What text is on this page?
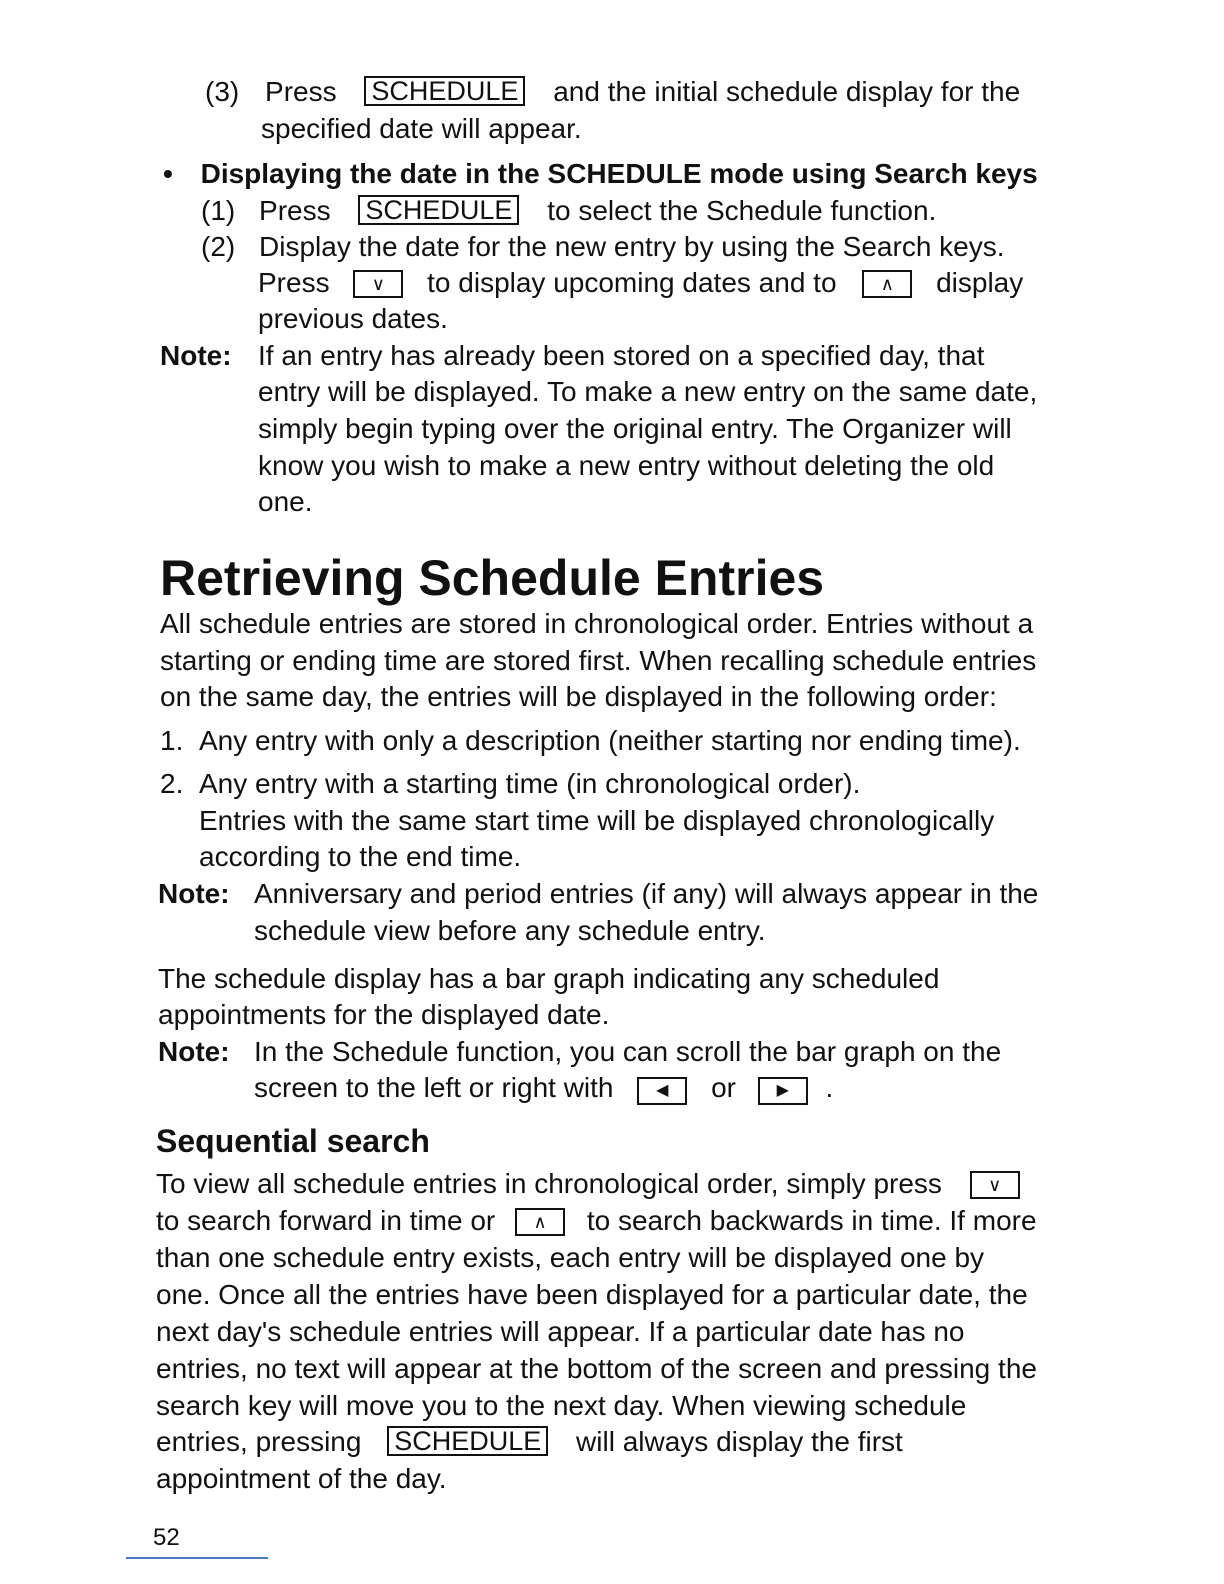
(3) Press SCHEDULE and the initial schedule display for the
specified date will appear.
• Displaying the date in the SCHEDULE mode using Search keys
(1) Press SCHEDULE to select the Schedule function.
(2) Display the date for the new entry by using the Search keys.
Press ∨ to display upcoming dates and to ∧ display
previous dates.
Note: If an entry has already been stored on a specified day, that
entry will be displayed. To make a new entry on the same date,
simply begin typing over the original entry. The Organizer will
know you wish to make a new entry without deleting the old
one.
Retrieving Schedule Entries
All schedule entries are stored in chronological order. Entries without a
starting or ending time are stored first. When recalling schedule entries
on the same day, the entries will be displayed in the following order:
1. Any entry with only a description (neither starting nor ending time).
2. Any entry with a starting time (in chronological order).
Entries with the same start time will be displayed chronologically
according to the end time.
Note: Anniversary and period entries (if any) will always appear in the
schedule view before any schedule entry.
The schedule display has a bar graph indicating any scheduled
appointments for the displayed date.
Note: In the Schedule function, you can scroll the bar graph on the
screen to the left or right with	◀ or	▶ .
Sequential search
To view all schedule entries in chronological order, simply press	∨
to search forward in time or ∧ to search backwards in time. If more
than one schedule entry exists, each entry will be displayed one by
one. Once all the entries have been displayed for a particular date, the
next day's schedule entries will appear. If a particular date has no
entries, no text will appear at the bottom of the screen and pressing the
search key will move you to the next day. When viewing schedule
entries, pressing SCHEDULE will always display the first
appointment of the day.
52
